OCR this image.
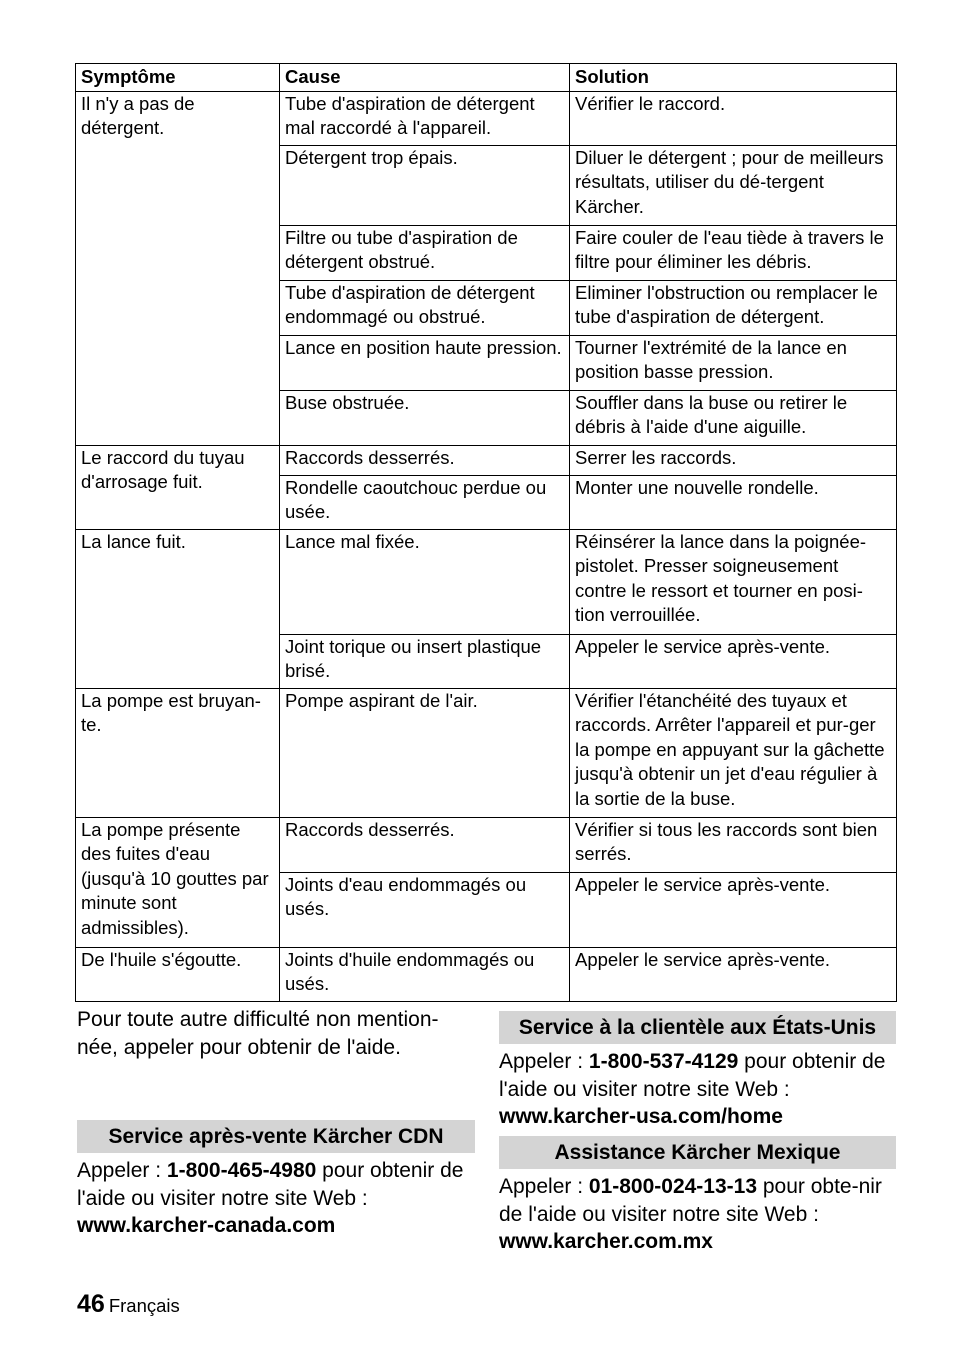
Symptôme	Cause	Solution
Il n'y a pas de détergent.	Tube d'aspiration de détergent mal raccordé à l'appareil.	Vérifier le raccord.
	Détergent trop épais.	Diluer le détergent ; pour de meilleurs résultats, utiliser du dé-tergent Kärcher.
	Filtre ou tube d'aspiration de détergent obstrué.	Faire couler de l'eau tiède à travers le filtre pour éliminer les débris.
	Tube d'aspiration de détergent endommagé ou obstrué.	Eliminer l'obstruction ou remplacer le tube d'aspiration de détergent.
	Lance en position haute pression.	Tourner l'extrémité de la lance en position basse pression.
	Buse obstruée.	Souffler dans la buse ou retirer le débris à l'aide d'une aiguille.
Le raccord du tuyau d'arrosage fuit.	Raccords desserrés.	Serrer les raccords.
	Rondelle caoutchouc perdue ou usée.	Monter une nouvelle rondelle.
La lance fuit.	Lance mal fixée.	Réinsérer la lance dans la poignée-pistolet. Presser soigneusement contre le ressort et tourner en posi-tion verrouillée.
	Joint torique ou insert plastique brisé.	Appeler le service après-vente.
La pompe est bruyan-te.	Pompe aspirant de l'air.	Vérifier l'étanchéité des tuyaux et raccords. Arrêter l'appareil et pur-ger la pompe en appuyant sur la gâchette jusqu'à obtenir un jet d'eau régulier à la sortie de la buse.
La pompe présente des fuites d'eau (jusqu'à 10 gouttes par minute sont admissibles).	Raccords desserrés.	Vérifier si tous les raccords sont bien serrés.
	Joints d'eau endommagés ou usés.	Appeler le service après-vente.
De l'huile s'égoutte.	Joints d'huile endommagés ou usés.	Appeler le service après-vente.

Pour toute autre difficulté non mention-née, appeler pour obtenir de l'aide.

Service après-vente Kärcher CDN

Appeler : 1-800-465-4980 pour obtenir de l'aide ou visiter notre site Web : www.karcher-canada.com

Service à la clientèle aux États-Unis

Appeler : 1-800-537-4129 pour obtenir de l'aide ou visiter notre site Web : www.karcher-usa.com/home

Assistance Kärcher Mexique

Appeler : 01-800-024-13-13 pour obte-nir de l'aide ou visiter notre site Web : www.karcher.com.mx

46 Français
